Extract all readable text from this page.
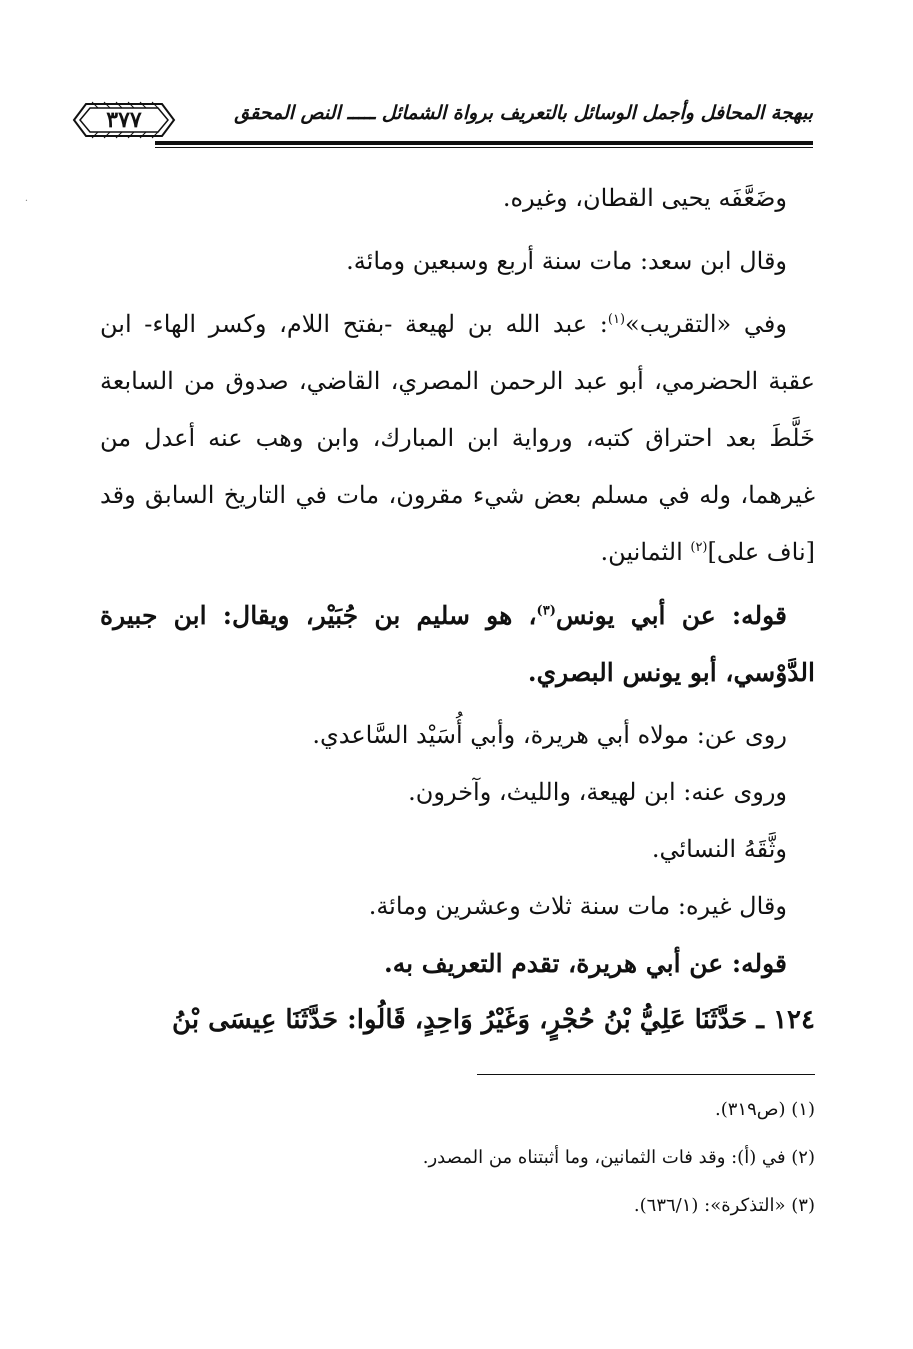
ببهجة المحافل وأجمل الوسائل بالتعريف برواة الشمائل ـــــ النص المحقق
٣٧٧
·	وضَعَّفَه يحيى القطان، وغيره.

وقال ابن سعد: مات سنة أربع وسبعين ومائة.

وفي «التقريب»$^{(١)}$: عبد الله بن لهيعة -بفتح اللام، وكسر الهاء- ابن عقبة الحضرمي، أبو عبد الرحمن المصري، القاضي، صدوق من السابعة خَلَّطَ بعد احتراق كتبه، ورواية ابن المبارك، وابن وهب عنه أعدل من غيرهما، وله في مسلم بعض شيء مقرون، مات في التاريخ السابق وقد [ناف على]$^{(٢)}$ الثمانين.

قوله: عن أبي يونس$^{(٣)}$، هو سليم بن جُبَيْر، ويقال: ابن جبيرة الدَّوْسي، أبو يونس البصري.

روى عن: مولاه أبي هريرة، وأبي أُسَيْد السَّاعدي.

وروى عنه: ابن لهيعة، والليث، وآخرون.

وثَّقَهُ النسائي.

وقال غيره: مات سنة ثلاث وعشرين ومائة.

قوله: عن أبي هريرة، تقدم التعريف به.

١٢٤ ـ حَدَّثَنَا عَلِيُّ بْنُ حُجْرٍ، وَغَيْرُ وَاحِدٍ، قَالُوا: حَدَّثَنَا عِيسَى بْنُ

(١) (ص٣١٩).

(٢) في (أ): وقد فات الثمانين، وما أثبتناه من المصدر.

(٣) «التذكرة»: (٦٣٦/١).
